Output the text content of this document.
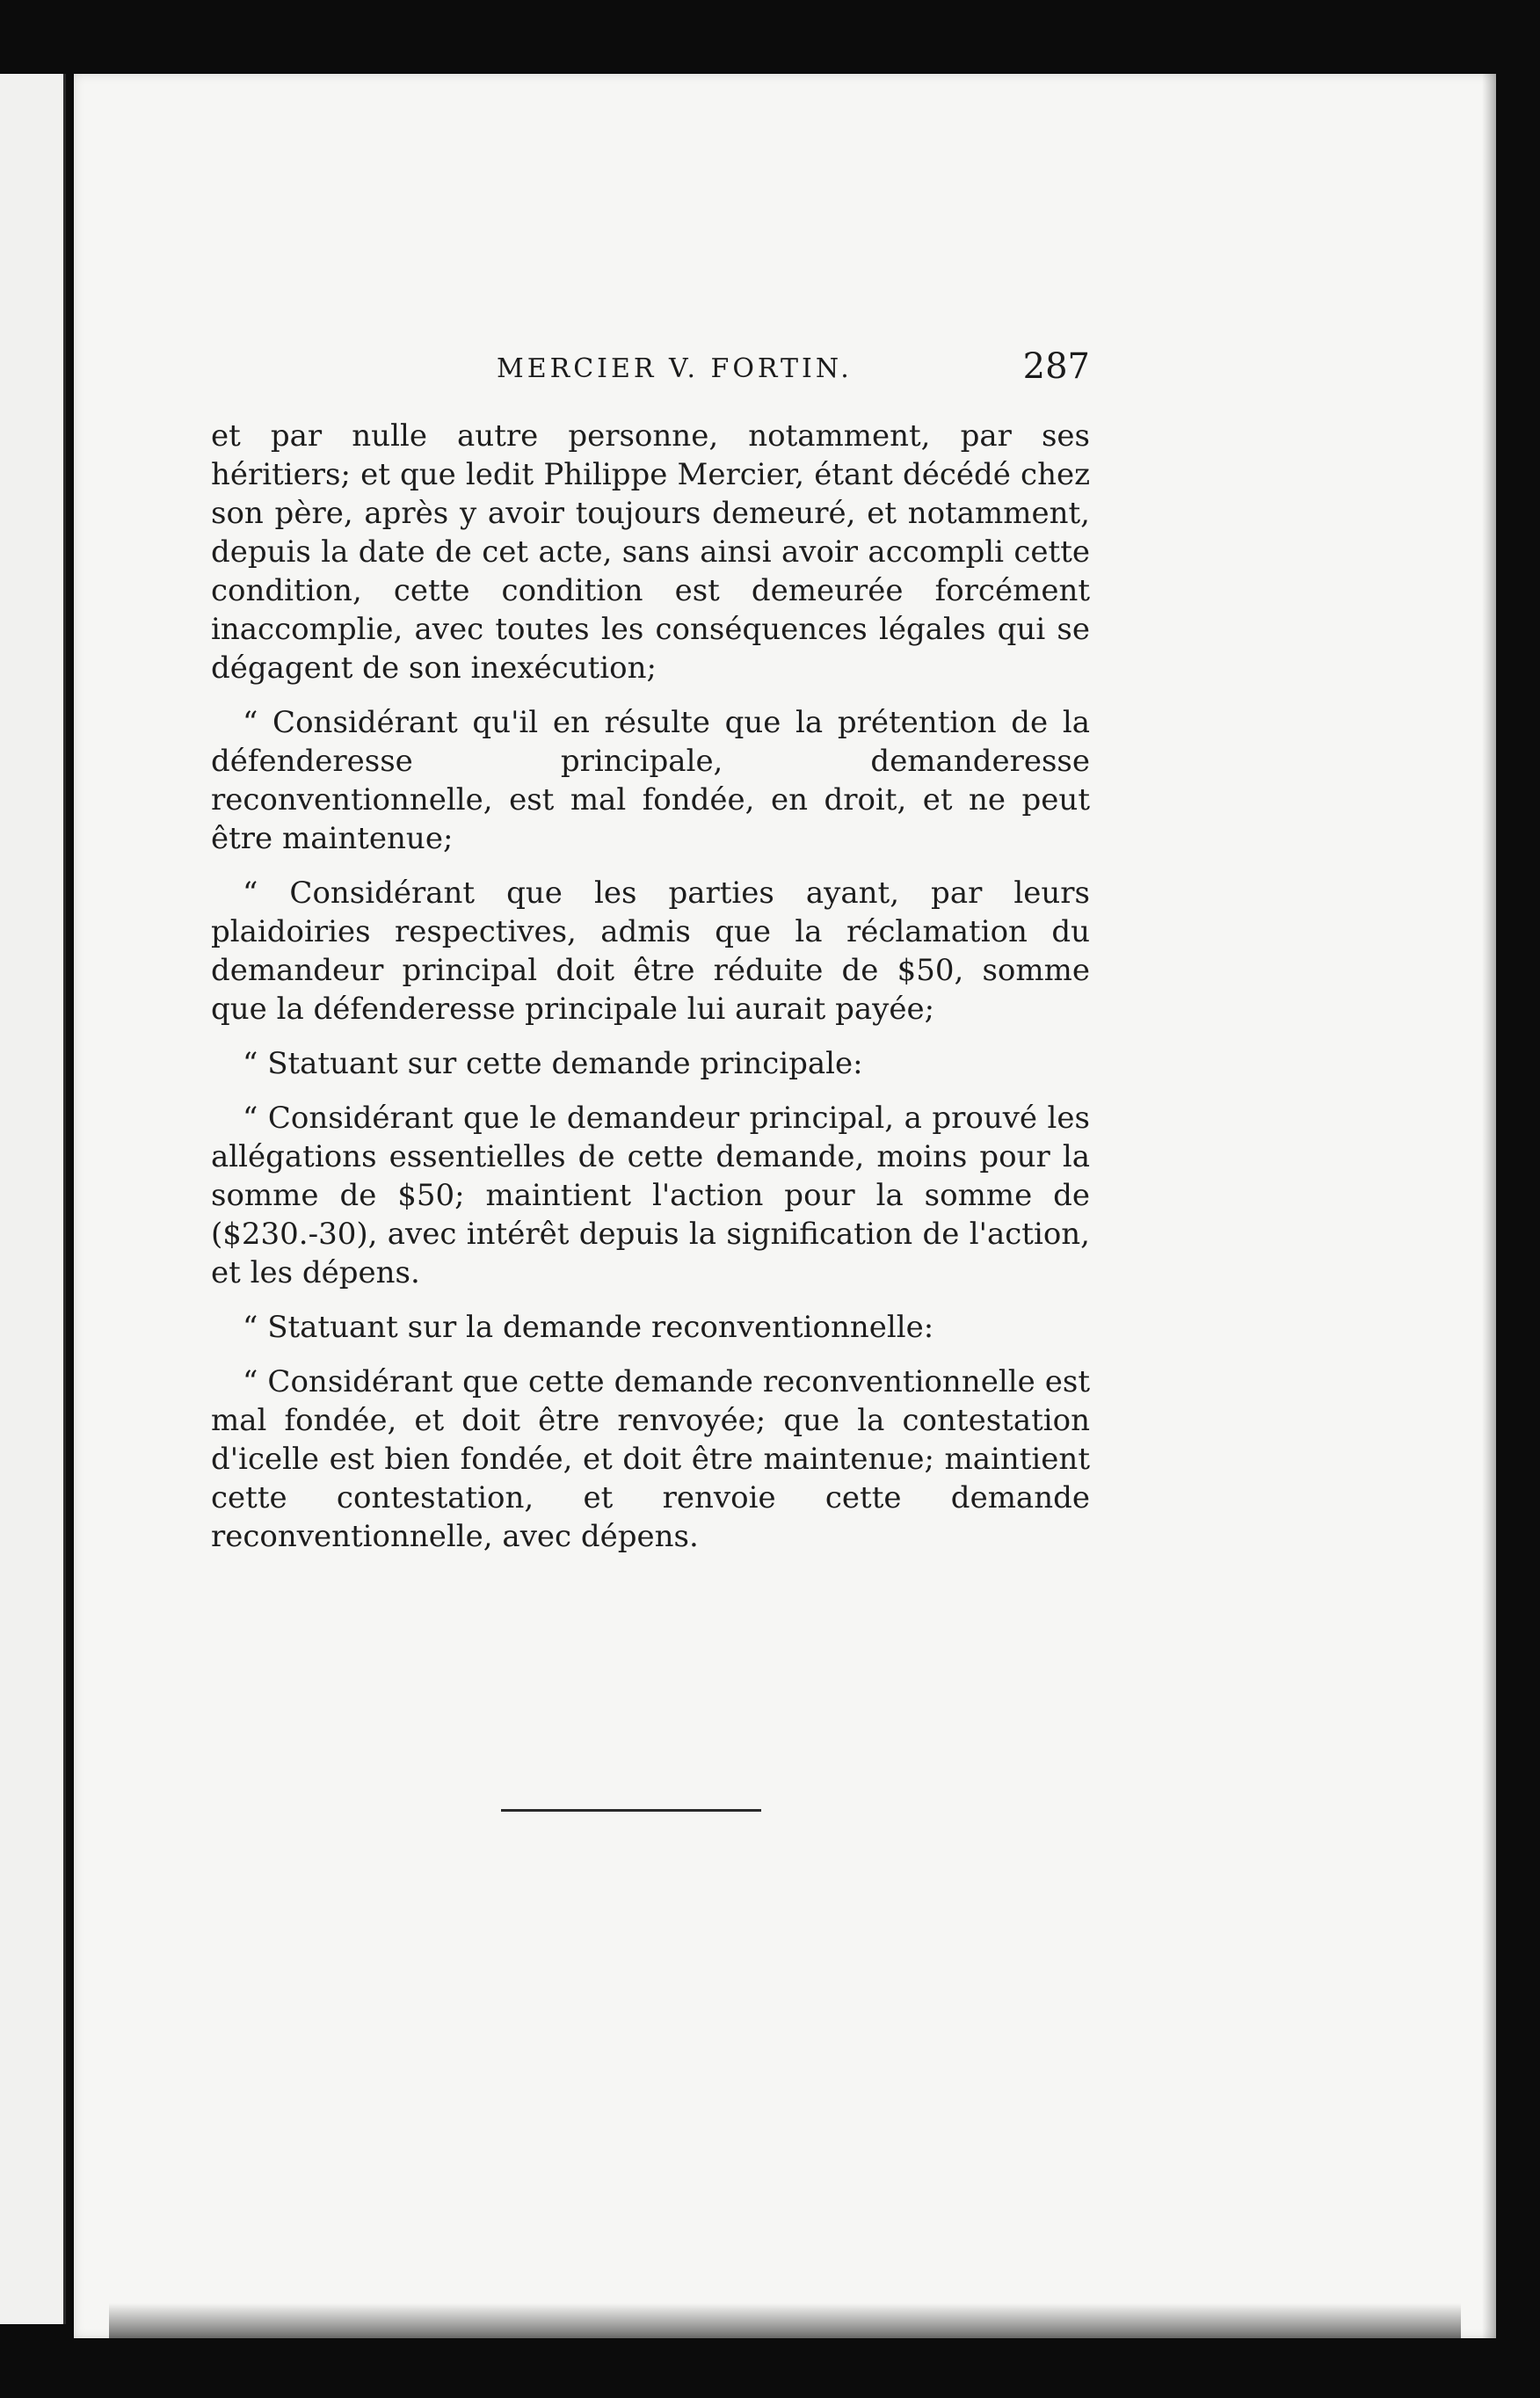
MERCIER V. FORTIN.	287

et par nulle autre personne, notamment, par ses héritiers; et que ledit Philippe Mercier, étant décédé chez son père, après y avoir toujours demeuré, et notamment, depuis la date de cet acte, sans ainsi avoir accompli cette condition, cette condition est demeurée forcément inaccomplie, avec toutes les conséquences légales qui se dégagent de son inexécution;

“ Considérant qu'il en résulte que la prétention de la défenderesse principale, demanderesse reconventionnelle, est mal fondée, en droit, et ne peut être maintenue;

“ Considérant que les parties ayant, par leurs plaidoiries respectives, admis que la réclamation du demandeur principal doit être réduite de $50, somme que la défenderesse principale lui aurait payée;

“ Statuant sur cette demande principale:

“ Considérant que le demandeur principal, a prouvé les allégations essentielles de cette demande, moins pour la somme de $50; maintient l'action pour la somme de ($230.-30), avec intérêt depuis la signification de l'action, et les dépens.

“ Statuant sur la demande reconventionnelle:

“ Considérant que cette demande reconventionnelle est mal fondée, et doit être renvoyée; que la contestation d'icelle est bien fondée, et doit être maintenue; maintient cette contestation, et renvoie cette demande reconventionnelle, avec dépens.
